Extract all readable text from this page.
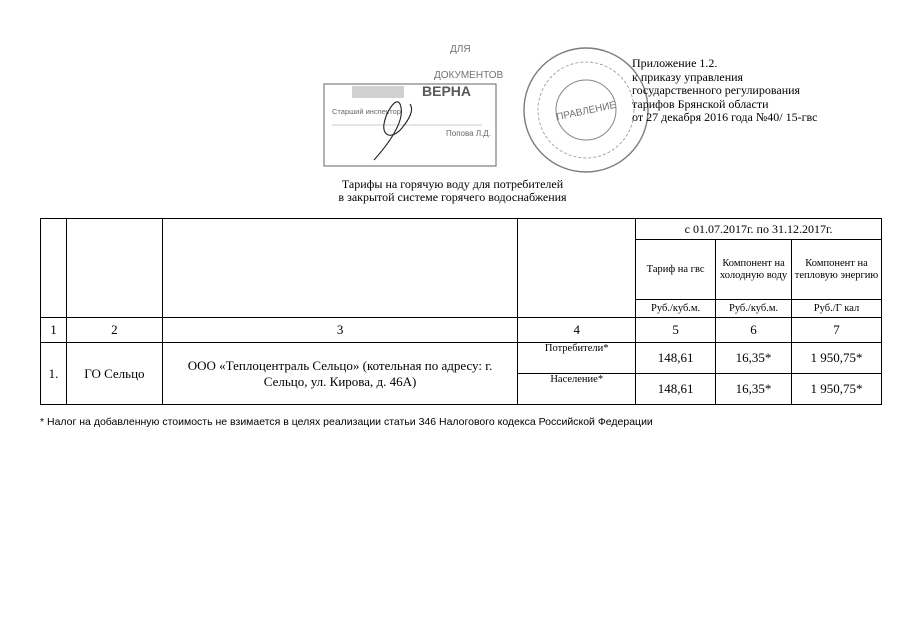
ДЛЯ
ДОКУМЕНТОВ
ВЕРНА
Старший инспектор
Попова Л.Д.
ПРАВЛЕНИЕ
Приложение 1.2.
к приказу управления
государственного регулирования
тарифов Брянской области
от 27 декабря 2016 года №40/ 15-гвс
Тарифы на горячую воду для потребителей
в закрытой системе горячего водоснабжения
				с 01.07.2017г. по 31.12.2017г.		
				Тариф на гвс	Компонент на холодную воду	Компонент на тепловую энергию
				Руб./куб.м.	Руб./куб.м.	Руб./Г кал
1	2	3	4	5	6	7
1.	ГО Сельцо	ООО «Теплоцентраль Сельцо» (котельная по адресу: г. Сельцо, ул. Кирова, д. 46А)	Потребители*	148,61	16,35*	1 950,75*
			Население*	148,61	16,35*	1 950,75*
* Налог на добавленную стоимость не взимается в целях реализации статьи 346 Налогового кодекса Российской Федерации
